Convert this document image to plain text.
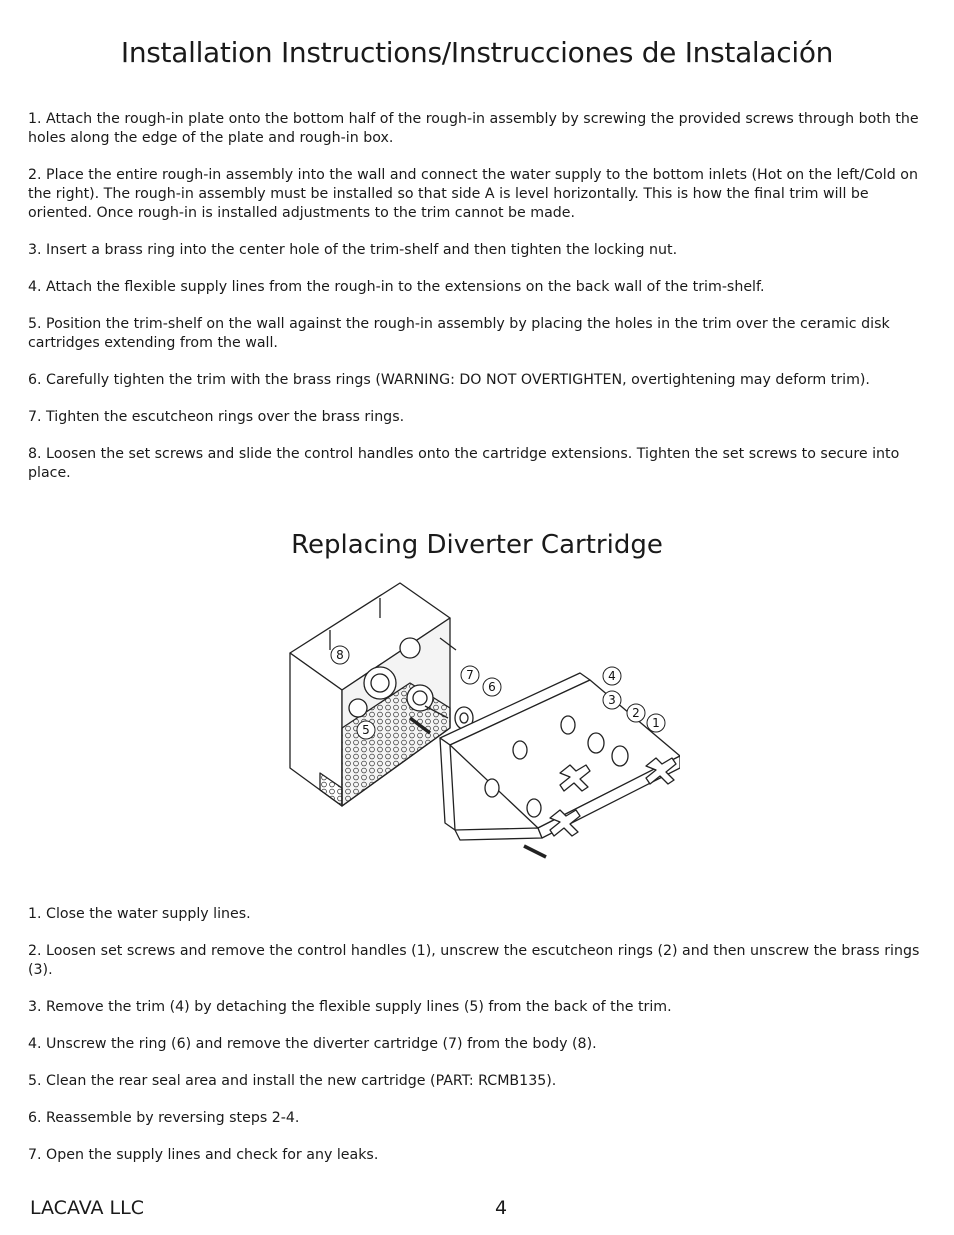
Installation Instructions/Instrucciones de Instalación
1. Attach the rough-in plate onto the bottom half of the rough-in assembly by screwing the provided screws through both the holes along the edge of the plate and rough-in box.
2. Place the entire rough-in assembly into the wall and connect the water supply to the bottom inlets (Hot on the left/Cold on the right). The rough-in assembly must be installed so that side A is level horizontally. This is how the final trim will be oriented. Once rough-in is installed adjustments to the trim cannot be made.
3. Insert a brass ring into the center hole of the trim-shelf and then tighten the locking nut.
4. Attach the flexible supply lines from the rough-in to the extensions on the back wall of the trim-shelf.
5. Position the trim-shelf on the wall against the rough-in assembly by placing the holes in the trim over the ceramic disk cartridges extending from the wall.
6. Carefully tighten the trim with the brass rings (WARNING: DO NOT OVERTIGHTEN, overtightening may deform trim).
7. Tighten the escutcheon rings over the brass rings.
8. Loosen the set screws and slide the control handles onto the cartridge extensions. Tighten the set screws to secure into place.
Replacing Diverter Cartridge
1
2
3
4
5
6
7
8
1. Close the water supply lines.
2. Loosen set screws and remove the control handles (1), unscrew the escutcheon rings (2) and then unscrew the brass rings (3).
3. Remove the trim (4) by detaching the flexible supply lines (5) from the back of the trim.
4. Unscrew the ring (6) and remove the diverter cartridge (7) from the body (8).
5. Clean the rear seal area and install the new cartridge (PART: RCMB135).
6. Reassemble by reversing steps 2-4.
7. Open the supply lines and check for any leaks.
LACAVA LLC	4
